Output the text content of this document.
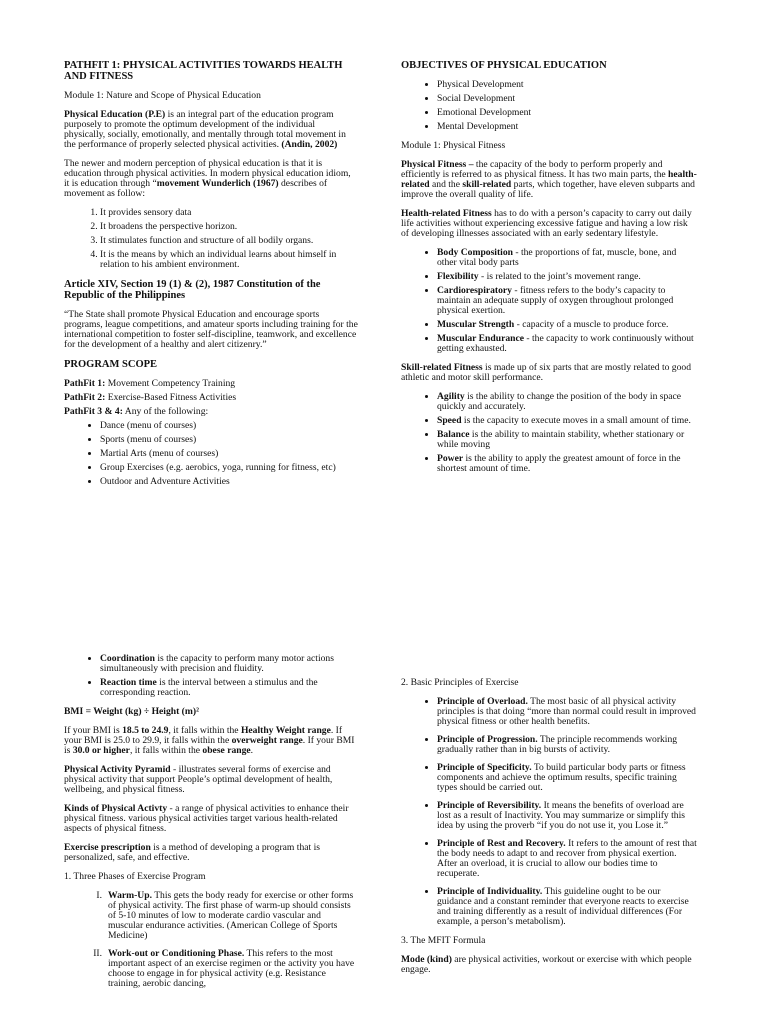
PATHFIT 1: PHYSICAL ACTIVITIES TOWARDS HEALTH AND FITNESS

Module 1: Nature and Scope of Physical Education

Physical Education (P.E) is an integral part of the education program purposely to promote the optimum development of the individual physically, socially, emotionally, and mentally through total movement in the performance of properly selected physical activities. (Andin, 2002)

The newer and modern perception of physical education is that it is education through physical activities. In modern physical education idiom, it is education through “movement Wunderlich (1967) describes of movement as follow:

1. It provides sensory data
2. It broadens the perspective horizon.
3. It stimulates function and structure of all bodily organs.
4. It is the means by which an individual learns about himself in relation to his ambient environment.

Article XIV, Section 19 (1) & (2), 1987 Constitution of the Republic of the Philippines

“The State shall promote Physical Education and encourage sports programs, league competitions, and amateur sports including training for the international competition to foster self-discipline, teamwork, and excellence for the development of a healthy and alert citizenry.”

PROGRAM SCOPE

PathFit 1: Movement Competency Training

PathFit 2: Exercise-Based Fitness Activities

PathFit 3 & 4: Any of the following:

• Dance (menu of courses)
• Sports (menu of courses)
• Martial Arts (menu of courses)
• Group Exercises (e.g. aerobics, yoga, running for fitness, etc)
• Outdoor and Adventure Activities

OBJECTIVES OF PHYSICAL EDUCATION

• Physical Development
• Social Development
• Emotional Development
• Mental Development

Module 1: Physical Fitness

Physical Fitness – the capacity of the body to perform properly and efficiently is referred to as physical fitness. It has two main parts, the health-related and the skill-related parts, which together, have eleven subparts and improve the overall quality of life.

Health-related Fitness has to do with a person’s capacity to carry out daily life activities without experiencing excessive fatigue and having a low risk of developing illnesses associated with an early sedentary lifestyle.

• Body Composition - the proportions of fat, muscle, bone, and other vital body parts
• Flexibility - is related to the joint’s movement range.
• Cardiorespiratory - fitness refers to the body’s capacity to maintain an adequate supply of oxygen throughout prolonged physical exertion.
• Muscular Strength - capacity of a muscle to produce force.
• Muscular Endurance - the capacity to work continuously without getting exhausted.

Skill-related Fitness is made up of six parts that are mostly related to good athletic and motor skill performance.

• Agility is the ability to change the position of the body in space quickly and accurately.
• Speed is the capacity to execute moves in a small amount of time.
• Balance is the ability to maintain stability, whether stationary or while moving
• Power is the ability to apply the greatest amount of force in the shortest amount of time.
• Coordination is the capacity to perform many motor actions simultaneously with precision and fluidity.
• Reaction time is the interval between a stimulus and the corresponding reaction.

BMI = Weight (kg) ÷ Height (m)²

If your BMI is 18.5 to 24.9, it falls within the Healthy Weight range. If your BMI is 25.0 to 29.9, it falls within the overweight range. If your BMI is 30.0 or higher, it falls within the obese range.

Physical Activity Pyramid - illustrates several forms of exercise and physical activity that support People’s optimal development of health, wellbeing, and physical fitness.

Kinds of Physical Activty - a range of physical activities to enhance their physical fitness. various physical activities target various health-related aspects of physical fitness.

Exercise prescription is a method of developing a program that is personalized, safe, and effective.

1. Three Phases of Exercise Program

I. Warm-Up. This gets the body ready for exercise or other forms of physical activity. The first phase of warm-up should consists of 5-10 minutes of low to moderate cardio vascular and muscular endurance activities. (American College of Sports Medicine)
II. Work-out or Conditioning Phase. This refers to the most important aspect of an exercise regimen or the activity you have choose to engage in for physical activity (e.g. Resistance training, aerobic dancing,

2. Basic Principles of Exercise

• Principle of Overload. The most basic of all physical activity principles is that doing “more than normal could result in improved physical fitness or other health benefits.
• Principle of Progression. The principle recommends working gradually rather than in big bursts of activity.
• Principle of Specificity. To build particular body parts or fitness components and achieve the optimum results, specific training types should be carried out.
• Principle of Reversibility. It means the benefits of overload are lost as a result of Inactivity. You may summarize or simplify this idea by using the proverb “if you do not use it, you Lose it.”
• Principle of Rest and Recovery. It refers to the amount of rest that the body needs to adapt to and recover from physical exertion. After an overload, it is crucial to allow our bodies time to recuperate.
• Principle of Individuality. This guideline ought to be our guidance and a constant reminder that everyone reacts to exercise and training differently as a result of individual differences (For example, a person’s metabolism).

3. The MFIT Formula

Mode (kind) are physical activities, workout or exercise with which people engage.
